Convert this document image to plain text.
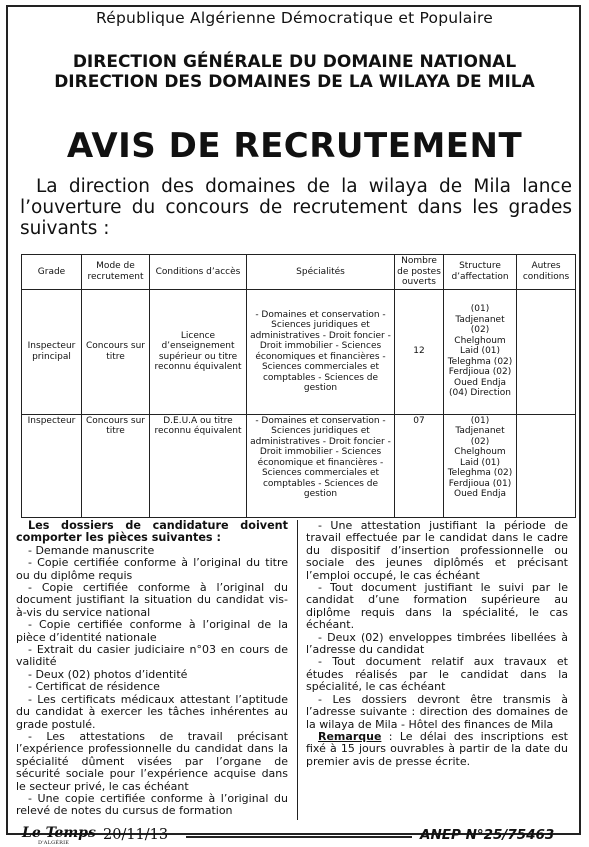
République Algérienne Démocratique et Populaire
DIRECTION GÉNÉRALE DU DOMAINE NATIONAL
DIRECTION DES DOMAINES DE LA WILAYA DE MILA
AVIS DE RECRUTEMENT
La direction des domaines de la wilaya de Mila lance l’ouverture du concours de recrutement dans les grades suivants :
Grade	Mode de recrutement	Conditions d’accès	Spécialités	Nombre de postes ouverts	Structure d’affectation	Autres conditions
Inspecteur principal	Concours sur titre	Licence d’enseignement supérieur ou titre reconnu équivalent	- Domaines et conservation - Sciences juridiques et administratives - Droit foncier - Droit immobilier - Sciences économiques et financières - Sciences commerciales et comptables - Sciences de gestion	12	(01) Tadjenanet (02) Chelghoum Laid (01) Teleghma (02) Ferdjioua (02) Oued Endja (04) Direction	
Inspecteur	Concours sur titre	D.E.U.A ou titre reconnu équivalent	- Domaines et conservation - Sciences juridiques et administratives - Droit foncier - Droit immobilier - Sciences économique et financières - Sciences commerciales et comptables - Sciences de gestion	07	(01) Tadjenanet (02) Chelghoum Laid (01) Teleghma (02) Ferdjioua (01) Oued Endja	

Les dossiers de candidature doivent comporter les pièces suivantes :

- Demande manuscrite

- Copie certifiée conforme à l’original du titre ou du diplôme requis

- Copie certifiée conforme à l’original du document justifiant la situation du candidat vis-à-vis du service national

- Copie certifiée conforme à l’original de la pièce d’identité nationale

- Extrait du casier judiciaire n°03 en cours de validité

- Deux (02) photos d’identité

- Certificat de résidence

- Les certificats médicaux attestant l’aptitude du candidat à exercer les tâches inhérentes au grade postulé.

- Les attestations de travail précisant l’expérience professionnelle du candidat dans la spécialité dûment visées par l’organe de sécurité sociale pour l’expérience acquise dans le secteur privé, le cas échéant

- Une copie certifiée conforme à l’original du relevé de notes du cursus de formation

- Une attestation justifiant la période de travail effectuée par le candidat dans le cadre du dispositif d’insertion professionnelle ou sociale des jeunes diplômés et précisant l’emploi occupé, le cas échéant

- Tout document justifiant le suivi par le candidat d’une formation supérieure au diplôme requis dans la spécialité, le cas échéant.

- Deux (02) enveloppes timbrées libellées à l’adresse du candidat

- Tout document relatif aux travaux et études réalisés par le candidat dans la spécialité, le cas échéant

- Les dossiers devront être transmis à l’adresse suivante : direction des domaines de la wilaya de Mila - Hôtel des finances de Mila

Remarque : Le délai des inscriptions est fixé à 15 jours ouvrables à partir de la date du premier avis de presse écrite.

Le Temps
D'ALGÉRIE 20/11/13	ANEP N°25/75463
